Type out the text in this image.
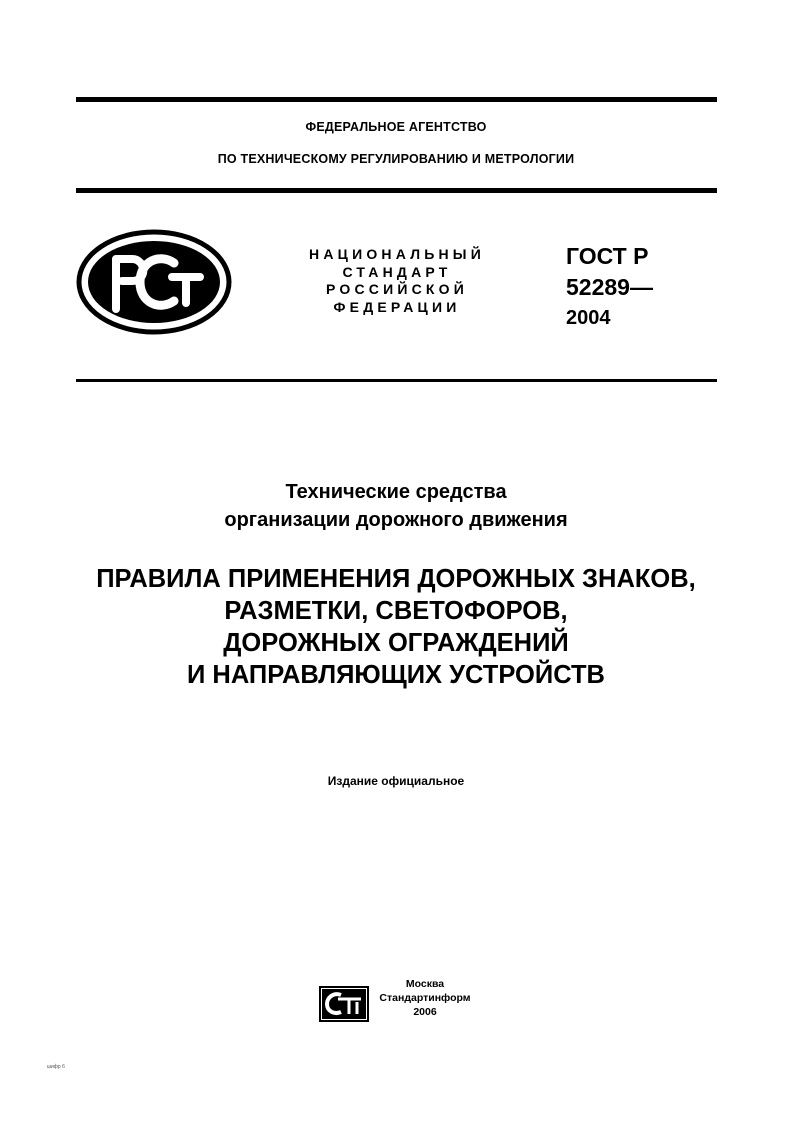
ФЕДЕРАЛЬНОЕ АГЕНТСТВО
ПО ТЕХНИЧЕСКОМУ РЕГУЛИРОВАНИЮ И МЕТРОЛОГИИ
НАЦИОНАЛЬНЫЙ
СТАНДАРТ
РОССИЙСКОЙ
ФЕДЕРАЦИИ
ГОСТ Р
52289—
2004
Технические средства
организации дорожного движения
ПРАВИЛА ПРИМЕНЕНИЯ ДОРОЖНЫХ ЗНАКОВ,
РАЗМЕТКИ, СВЕТОФОРОВ,
ДОРОЖНЫХ ОГРАЖДЕНИЙ
И НАПРАВЛЯЮЩИХ УСТРОЙСТВ
Издание официальное
Москва
Стандартинформ
2006
шифр 6
